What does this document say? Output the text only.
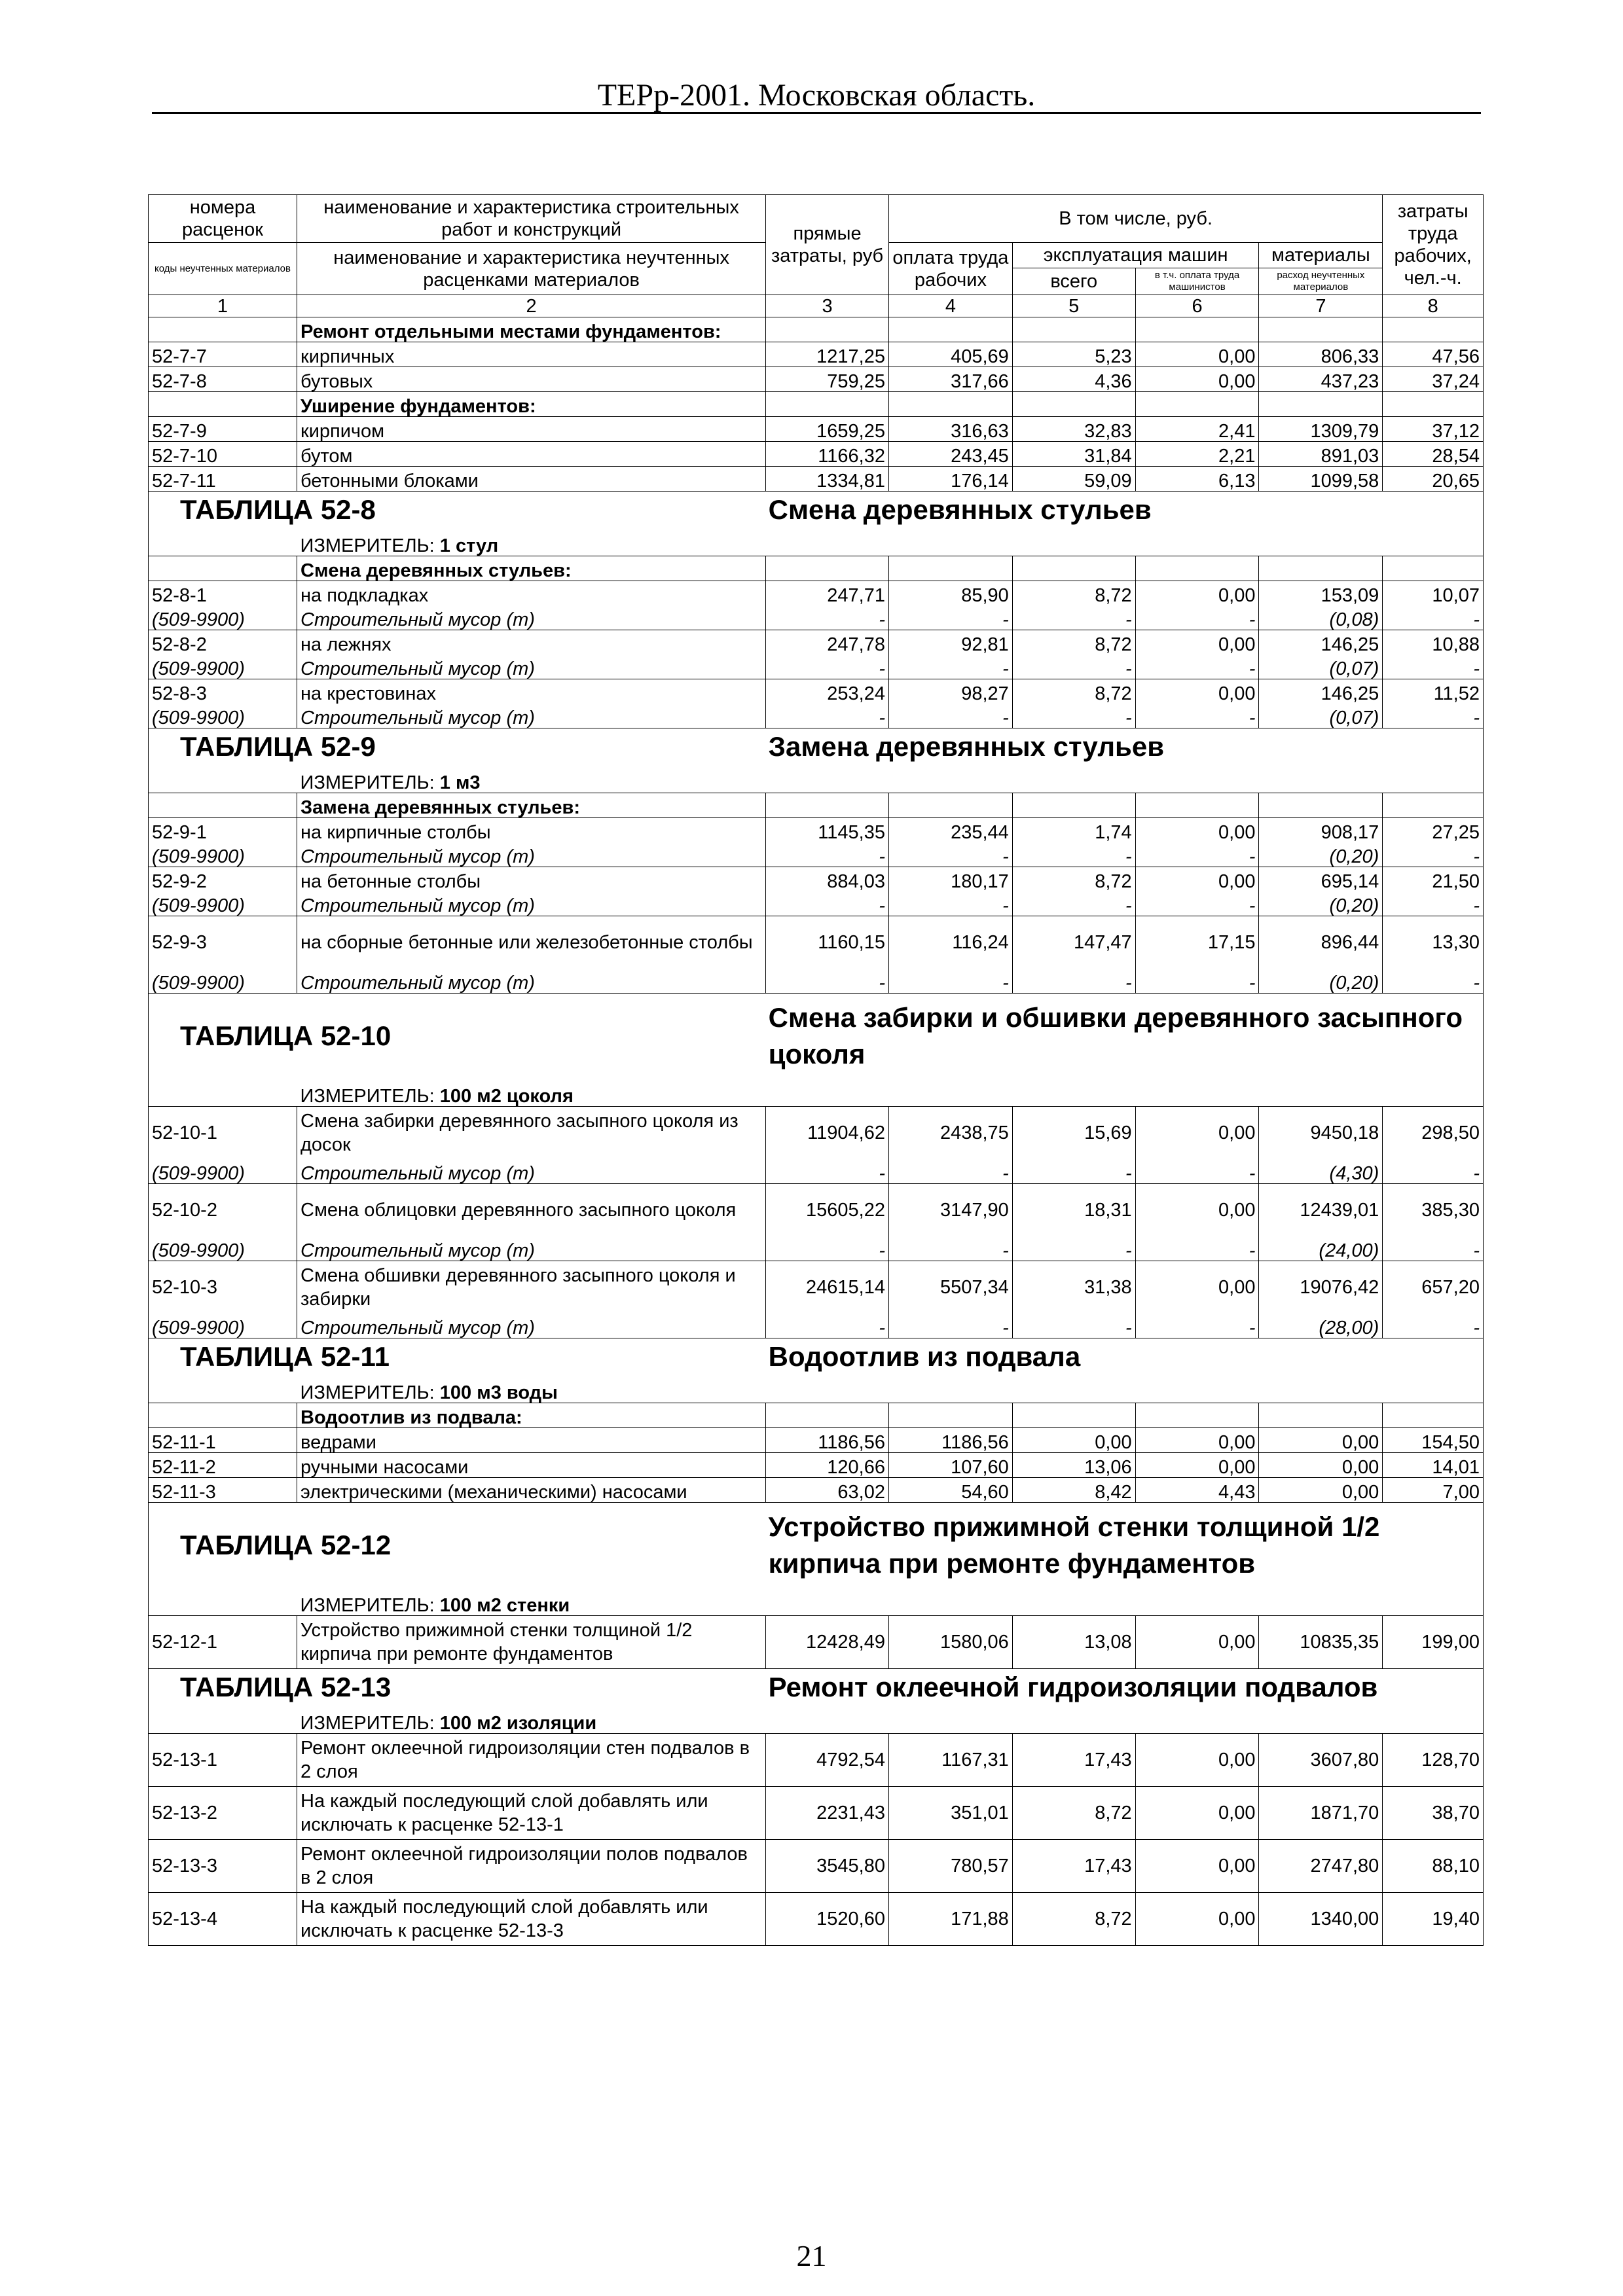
ТЕРр-2001. Московская область.
номера расценок	наименование и характеристика строительных работ и конструкций	прямые затраты, руб	В том числе, руб.				затраты труда рабочих, чел.-ч.
коды неучтенных материалов	наименование и характеристика неучтенных расценками материалов		оплата труда рабочих	эксплуатация машин		материалы	
				всего	в т.ч. оплата труда машинистов	расход неучтенных материалов	
1	2	3	4	5	6	7	8
	Ремонт отдельными местами фундаментов:						
52-7-7	кирпичных	1217,25	405,69	5,23	0,00	806,33	47,56
52-7-8	бутовых	759,25	317,66	4,36	0,00	437,23	37,24
	Уширение фундаментов:						
52-7-9	кирпичом	1659,25	316,63	32,83	2,41	1309,79	37,12
52-7-10	бутом	1166,32	243,45	31,84	2,21	891,03	28,54
52-7-11	бетонными блоками	1334,81	176,14	59,09	6,13	1099,58	20,65
ТАБЛИЦА 52-8		Смена деревянных стульев					
	ИЗМЕРИТЕЛЬ: 1 стул						
	Смена деревянных стульев:						
52-8-1	на подкладках	247,71	85,90	8,72	0,00	153,09	10,07
(509-9900)	Строительный мусор (т)	-	-	-	-	(0,08)	-
52-8-2	на лежнях	247,78	92,81	8,72	0,00	146,25	10,88
(509-9900)	Строительный мусор (т)	-	-	-	-	(0,07)	-
52-8-3	на крестовинах	253,24	98,27	8,72	0,00	146,25	11,52
(509-9900)	Строительный мусор (т)	-	-	-	-	(0,07)	-
ТАБЛИЦА 52-9		Замена деревянных стульев					
	ИЗМЕРИТЕЛЬ: 1 м3						
	Замена деревянных стульев:						
52-9-1	на кирпичные столбы	1145,35	235,44	1,74	0,00	908,17	27,25
(509-9900)	Строительный мусор (т)	-	-	-	-	(0,20)	-
52-9-2	на бетонные столбы	884,03	180,17	8,72	0,00	695,14	21,50
(509-9900)	Строительный мусор (т)	-	-	-	-	(0,20)	-
52-9-3	на сборные бетонные или железобетонные столбы	1160,15	116,24	147,47	17,15	896,44	13,30
(509-9900)	Строительный мусор (т)	-	-	-	-	(0,20)	-
ТАБЛИЦА 52-10		Смена забирки и обшивки деревянного засыпного цоколя					
	ИЗМЕРИТЕЛЬ: 100 м2 цоколя						
52-10-1	Смена забирки деревянного засыпного цоколя из досок	11904,62	2438,75	15,69	0,00	9450,18	298,50
(509-9900)	Строительный мусор (т)	-	-	-	-	(4,30)	-
52-10-2	Смена облицовки деревянного засыпного цоколя	15605,22	3147,90	18,31	0,00	12439,01	385,30
(509-9900)	Строительный мусор (т)	-	-	-	-	(24,00)	-
52-10-3	Смена обшивки деревянного засыпного цоколя и забирки	24615,14	5507,34	31,38	0,00	19076,42	657,20
(509-9900)	Строительный мусор (т)	-	-	-	-	(28,00)	-
ТАБЛИЦА 52-11		Водоотлив из подвала					
	ИЗМЕРИТЕЛЬ: 100 м3 воды						
	Водоотлив из подвала:						
52-11-1	ведрами	1186,56	1186,56	0,00	0,00	0,00	154,50
52-11-2	ручными насосами	120,66	107,60	13,06	0,00	0,00	14,01
52-11-3	электрическими (механическими) насосами	63,02	54,60	8,42	4,43	0,00	7,00
ТАБЛИЦА 52-12		Устройство прижимной стенки толщиной 1/2 кирпича при ремонте фундаментов					
	ИЗМЕРИТЕЛЬ: 100 м2 стенки						
52-12-1	Устройство прижимной стенки толщиной 1/2 кирпича при ремонте фундаментов	12428,49	1580,06	13,08	0,00	10835,35	199,00
ТАБЛИЦА 52-13		Ремонт оклеечной гидроизоляции подвалов					
	ИЗМЕРИТЕЛЬ: 100 м2 изоляции						
52-13-1	Ремонт оклеечной гидроизоляции стен подвалов в 2 слоя	4792,54	1167,31	17,43	0,00	3607,80	128,70
52-13-2	На каждый последующий слой добавлять или исключать к расценке 52-13-1	2231,43	351,01	8,72	0,00	1871,70	38,70
52-13-3	Ремонт оклеечной гидроизоляции полов подвалов в 2 слоя	3545,80	780,57	17,43	0,00	2747,80	88,10
52-13-4	На каждый последующий слой добавлять или исключать к расценке 52-13-3	1520,60	171,88	8,72	0,00	1340,00	19,40
21
